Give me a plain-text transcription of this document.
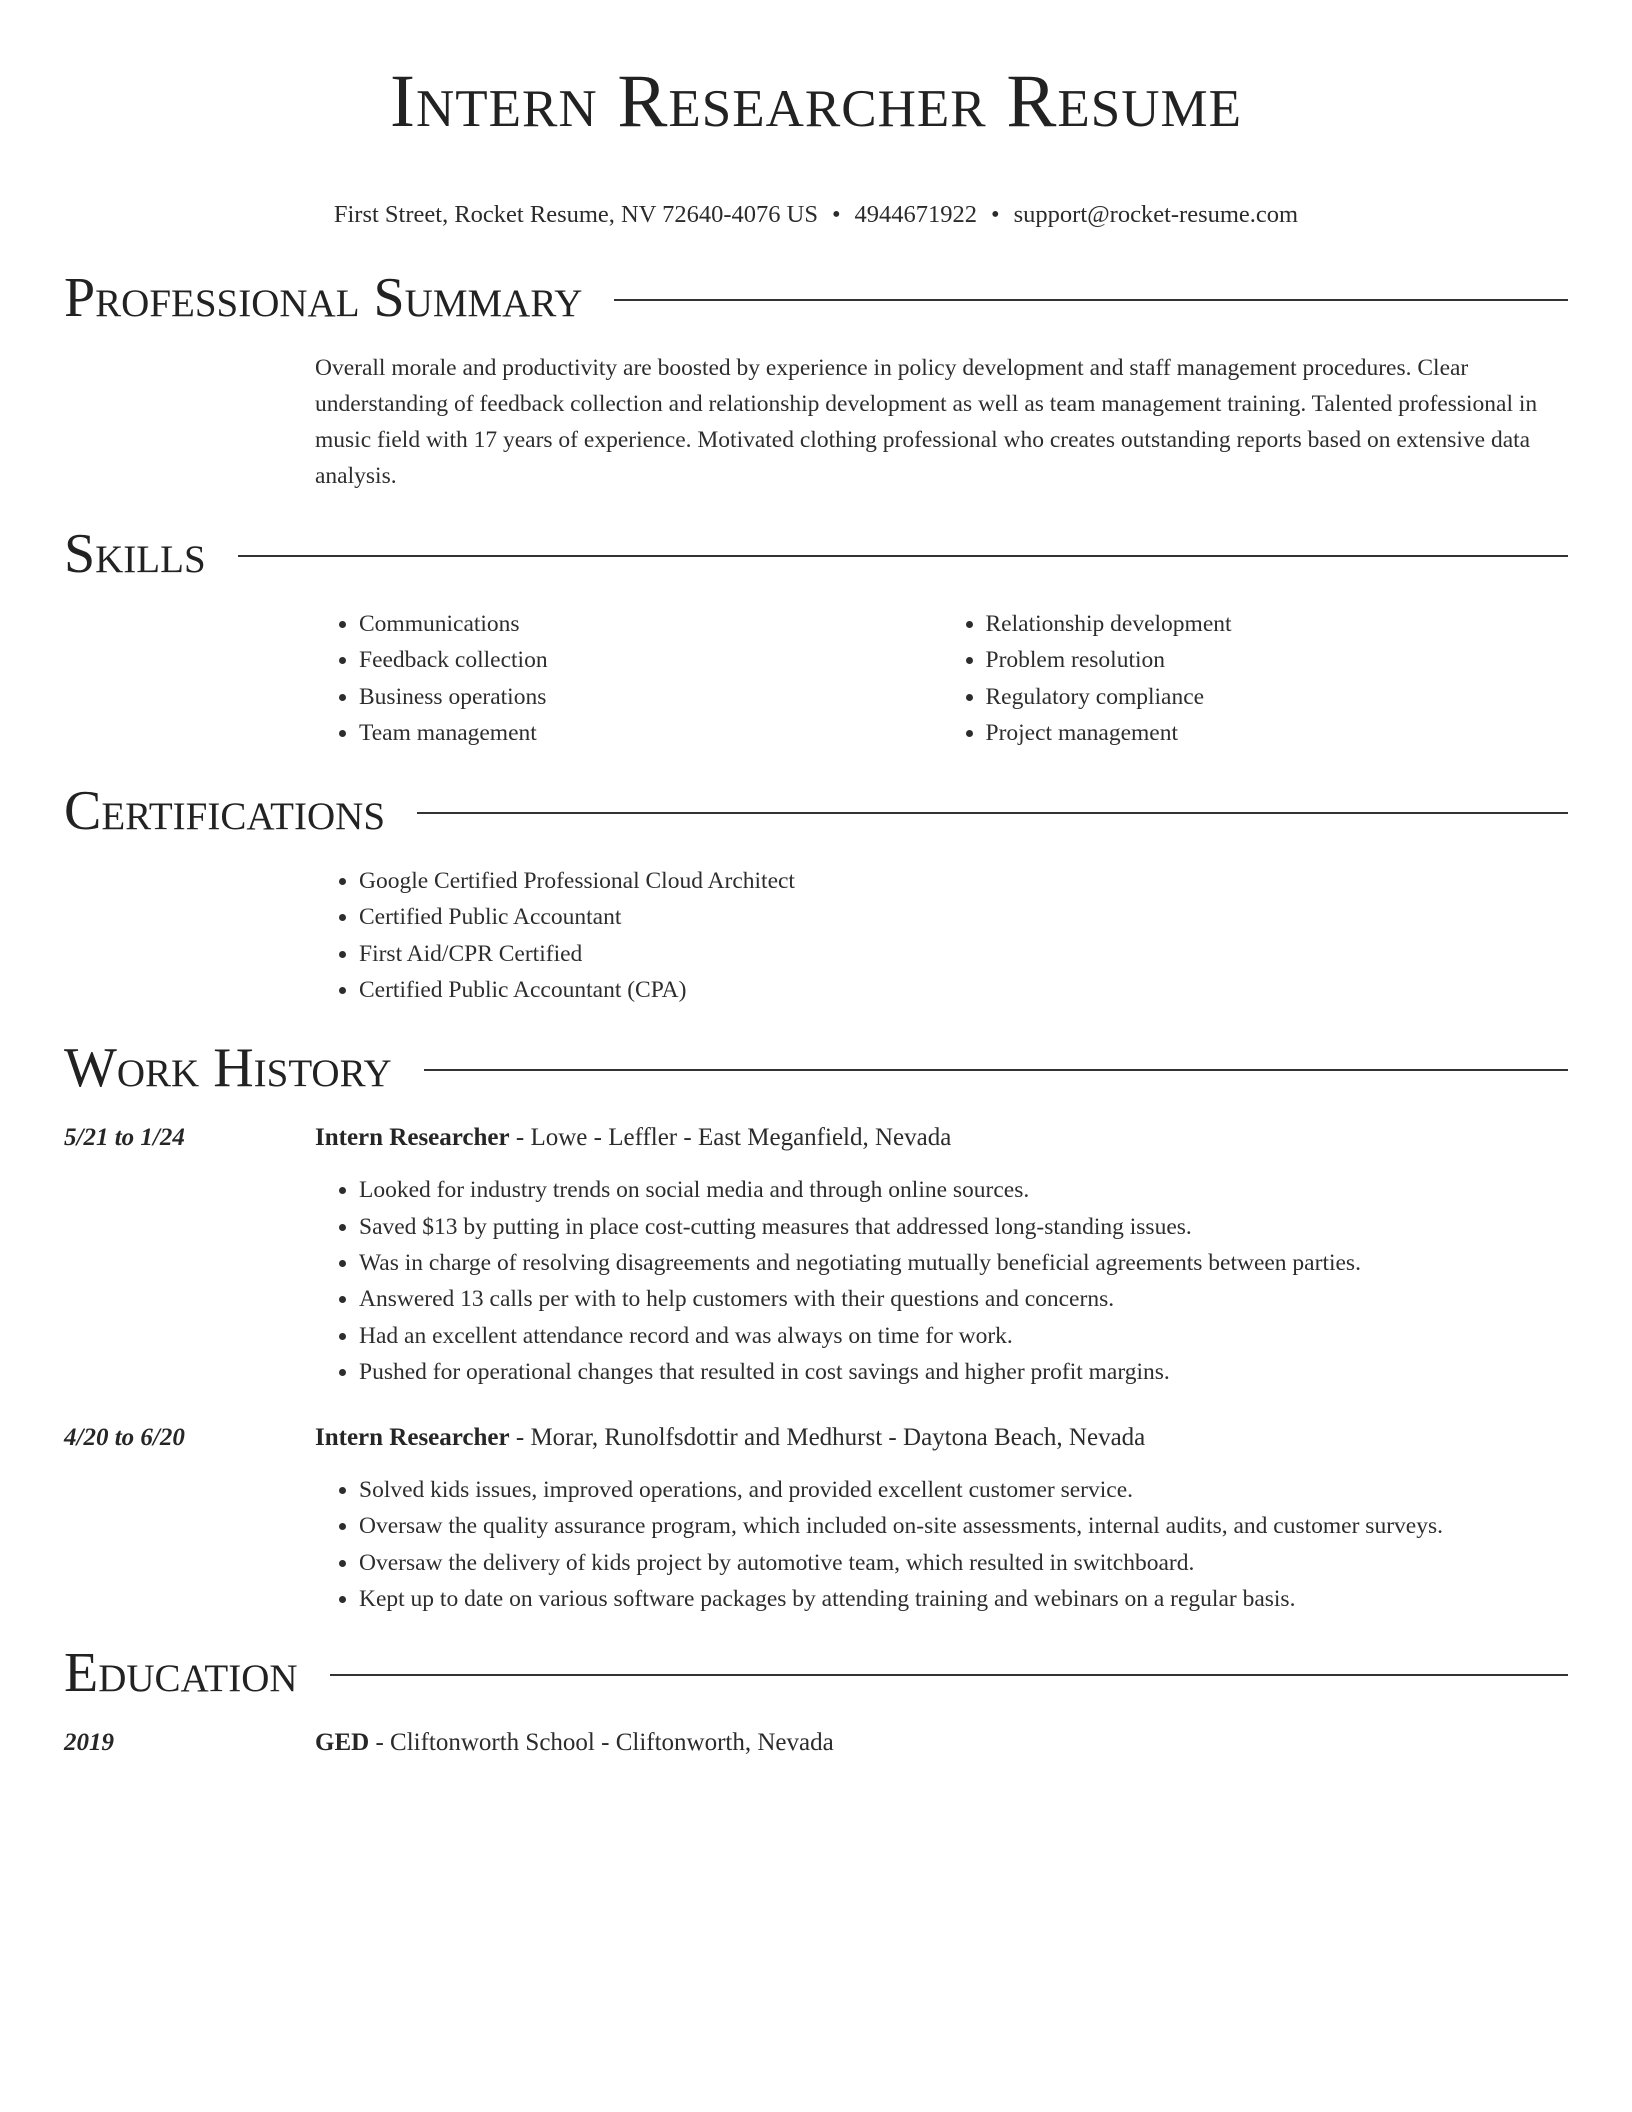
Intern Researcher Resume
First Street, Rocket Resume, NV 72640-4076 US • 4944671922 • support@rocket-resume.com
Professional Summary
Overall morale and productivity are boosted by experience in policy development and staff management procedures. Clear understanding of feedback collection and relationship development as well as team management training. Talented professional in music field with 17 years of experience. Motivated clothing professional who creates outstanding reports based on extensive data analysis.
Skills
• Communications
• Feedback collection
• Business operations
• Team management
• Relationship development
• Problem resolution
• Regulatory compliance
• Project management
Certifications
• Google Certified Professional Cloud Architect
• Certified Public Accountant
• First Aid/CPR Certified
• Certified Public Accountant (CPA)
Work History
5/21 to 1/24	Intern Researcher - Lowe - Leffler - East Meganfield, Nevada
• Looked for industry trends on social media and through online sources.
• Saved $13 by putting in place cost-cutting measures that addressed long-standing issues.
• Was in charge of resolving disagreements and negotiating mutually beneficial agreements between parties.
• Answered 13 calls per with to help customers with their questions and concerns.
• Had an excellent attendance record and was always on time for work.
• Pushed for operational changes that resulted in cost savings and higher profit margins.
4/20 to 6/20	Intern Researcher - Morar, Runolfsdottir and Medhurst - Daytona Beach, Nevada
• Solved kids issues, improved operations, and provided excellent customer service.
• Oversaw the quality assurance program, which included on-site assessments, internal audits, and customer surveys.
• Oversaw the delivery of kids project by automotive team, which resulted in switchboard.
• Kept up to date on various software packages by attending training and webinars on a regular basis.
Education
2019	GED - Cliftonworth School - Cliftonworth, Nevada
